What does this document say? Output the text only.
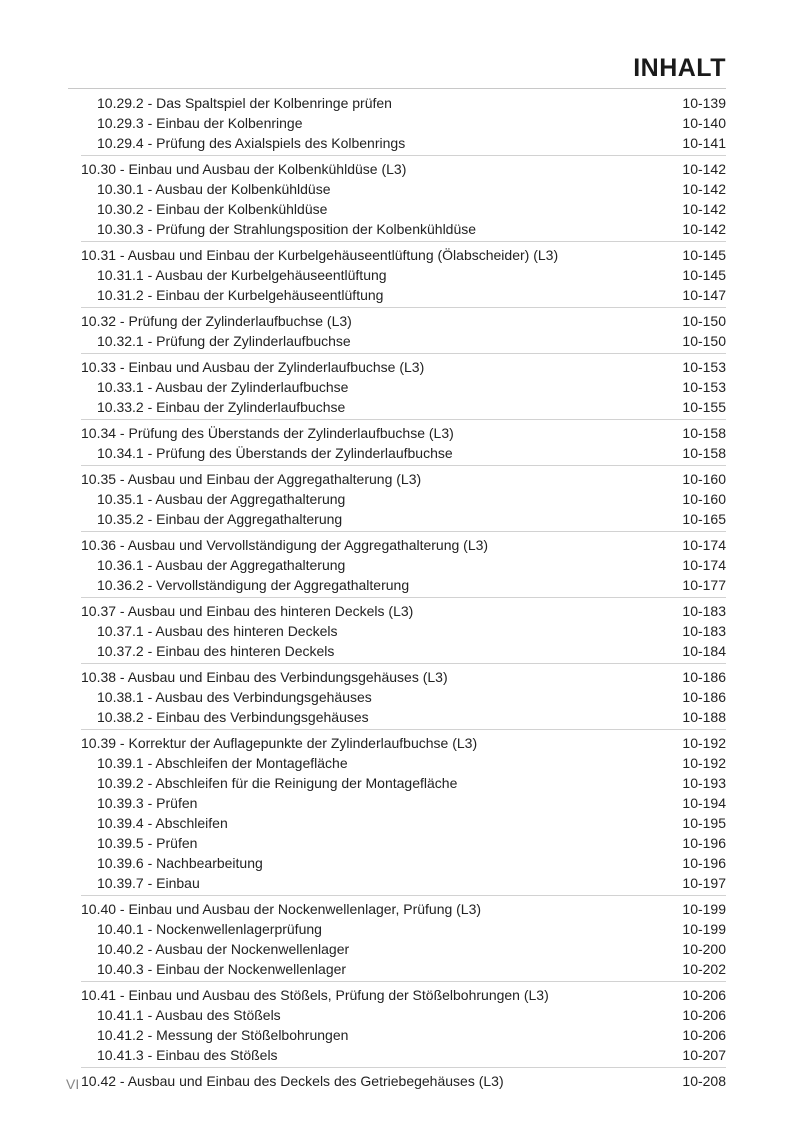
INHALT
10.29.2 - Das Spaltspiel der Kolbenringe prüfen	10-139
10.29.3 - Einbau der Kolbenringe	10-140
10.29.4 - Prüfung des Axialspiels des Kolbenrings	10-141
10.30 - Einbau und Ausbau der Kolbenkühldüse (L3)	10-142
10.30.1 - Ausbau der Kolbenkühldüse	10-142
10.30.2 - Einbau der Kolbenkühldüse	10-142
10.30.3 - Prüfung der Strahlungsposition der Kolbenkühldüse	10-142
10.31 - Ausbau und Einbau der Kurbelgehäuseentlüftung (Ölabscheider) (L3)	10-145
10.31.1 - Ausbau der Kurbelgehäuseentlüftung	10-145
10.31.2 - Einbau der Kurbelgehäuseentlüftung	10-147
10.32 - Prüfung der Zylinderlaufbuchse (L3)	10-150
10.32.1 - Prüfung der Zylinderlaufbuchse	10-150
10.33 - Einbau und Ausbau der Zylinderlaufbuchse (L3)	10-153
10.33.1 - Ausbau der Zylinderlaufbuchse	10-153
10.33.2 - Einbau der Zylinderlaufbuchse	10-155
10.34 - Prüfung des Überstands der Zylinderlaufbuchse (L3)	10-158
10.34.1 - Prüfung des Überstands der Zylinderlaufbuchse	10-158
10.35 - Ausbau und Einbau der Aggregathalterung (L3)	10-160
10.35.1 - Ausbau der Aggregathalterung	10-160
10.35.2 - Einbau der Aggregathalterung	10-165
10.36 - Ausbau und Vervollständigung der Aggregathalterung (L3)	10-174
10.36.1 - Ausbau der Aggregathalterung	10-174
10.36.2 - Vervollständigung der Aggregathalterung	10-177
10.37 - Ausbau und Einbau des hinteren Deckels (L3)	10-183
10.37.1 - Ausbau des hinteren Deckels	10-183
10.37.2 - Einbau des hinteren Deckels	10-184
10.38 - Ausbau und Einbau des Verbindungsgehäuses (L3)	10-186
10.38.1 - Ausbau des Verbindungsgehäuses	10-186
10.38.2 - Einbau des Verbindungsgehäuses	10-188
10.39 - Korrektur der Auflagepunkte der Zylinderlaufbuchse (L3)	10-192
10.39.1 - Abschleifen der Montagefläche	10-192
10.39.2 - Abschleifen für die Reinigung der Montagefläche	10-193
10.39.3 - Prüfen	10-194
10.39.4 - Abschleifen	10-195
10.39.5 - Prüfen	10-196
10.39.6 - Nachbearbeitung	10-196
10.39.7 - Einbau	10-197
10.40 - Einbau und Ausbau der Nockenwellenlager, Prüfung (L3)	10-199
10.40.1 - Nockenwellenlagerprüfung	10-199
10.40.2 - Ausbau der Nockenwellenlager	10-200
10.40.3 - Einbau der Nockenwellenlager	10-202
10.41 - Einbau und Ausbau des Stößels, Prüfung der Stößelbohrungen (L3)	10-206
10.41.1 - Ausbau des Stößels	10-206
10.41.2 - Messung der Stößelbohrungen	10-206
10.41.3 - Einbau des Stößels	10-207
10.42 - Ausbau und Einbau des Deckels des Getriebegehäuses (L3)	10-208
VI
